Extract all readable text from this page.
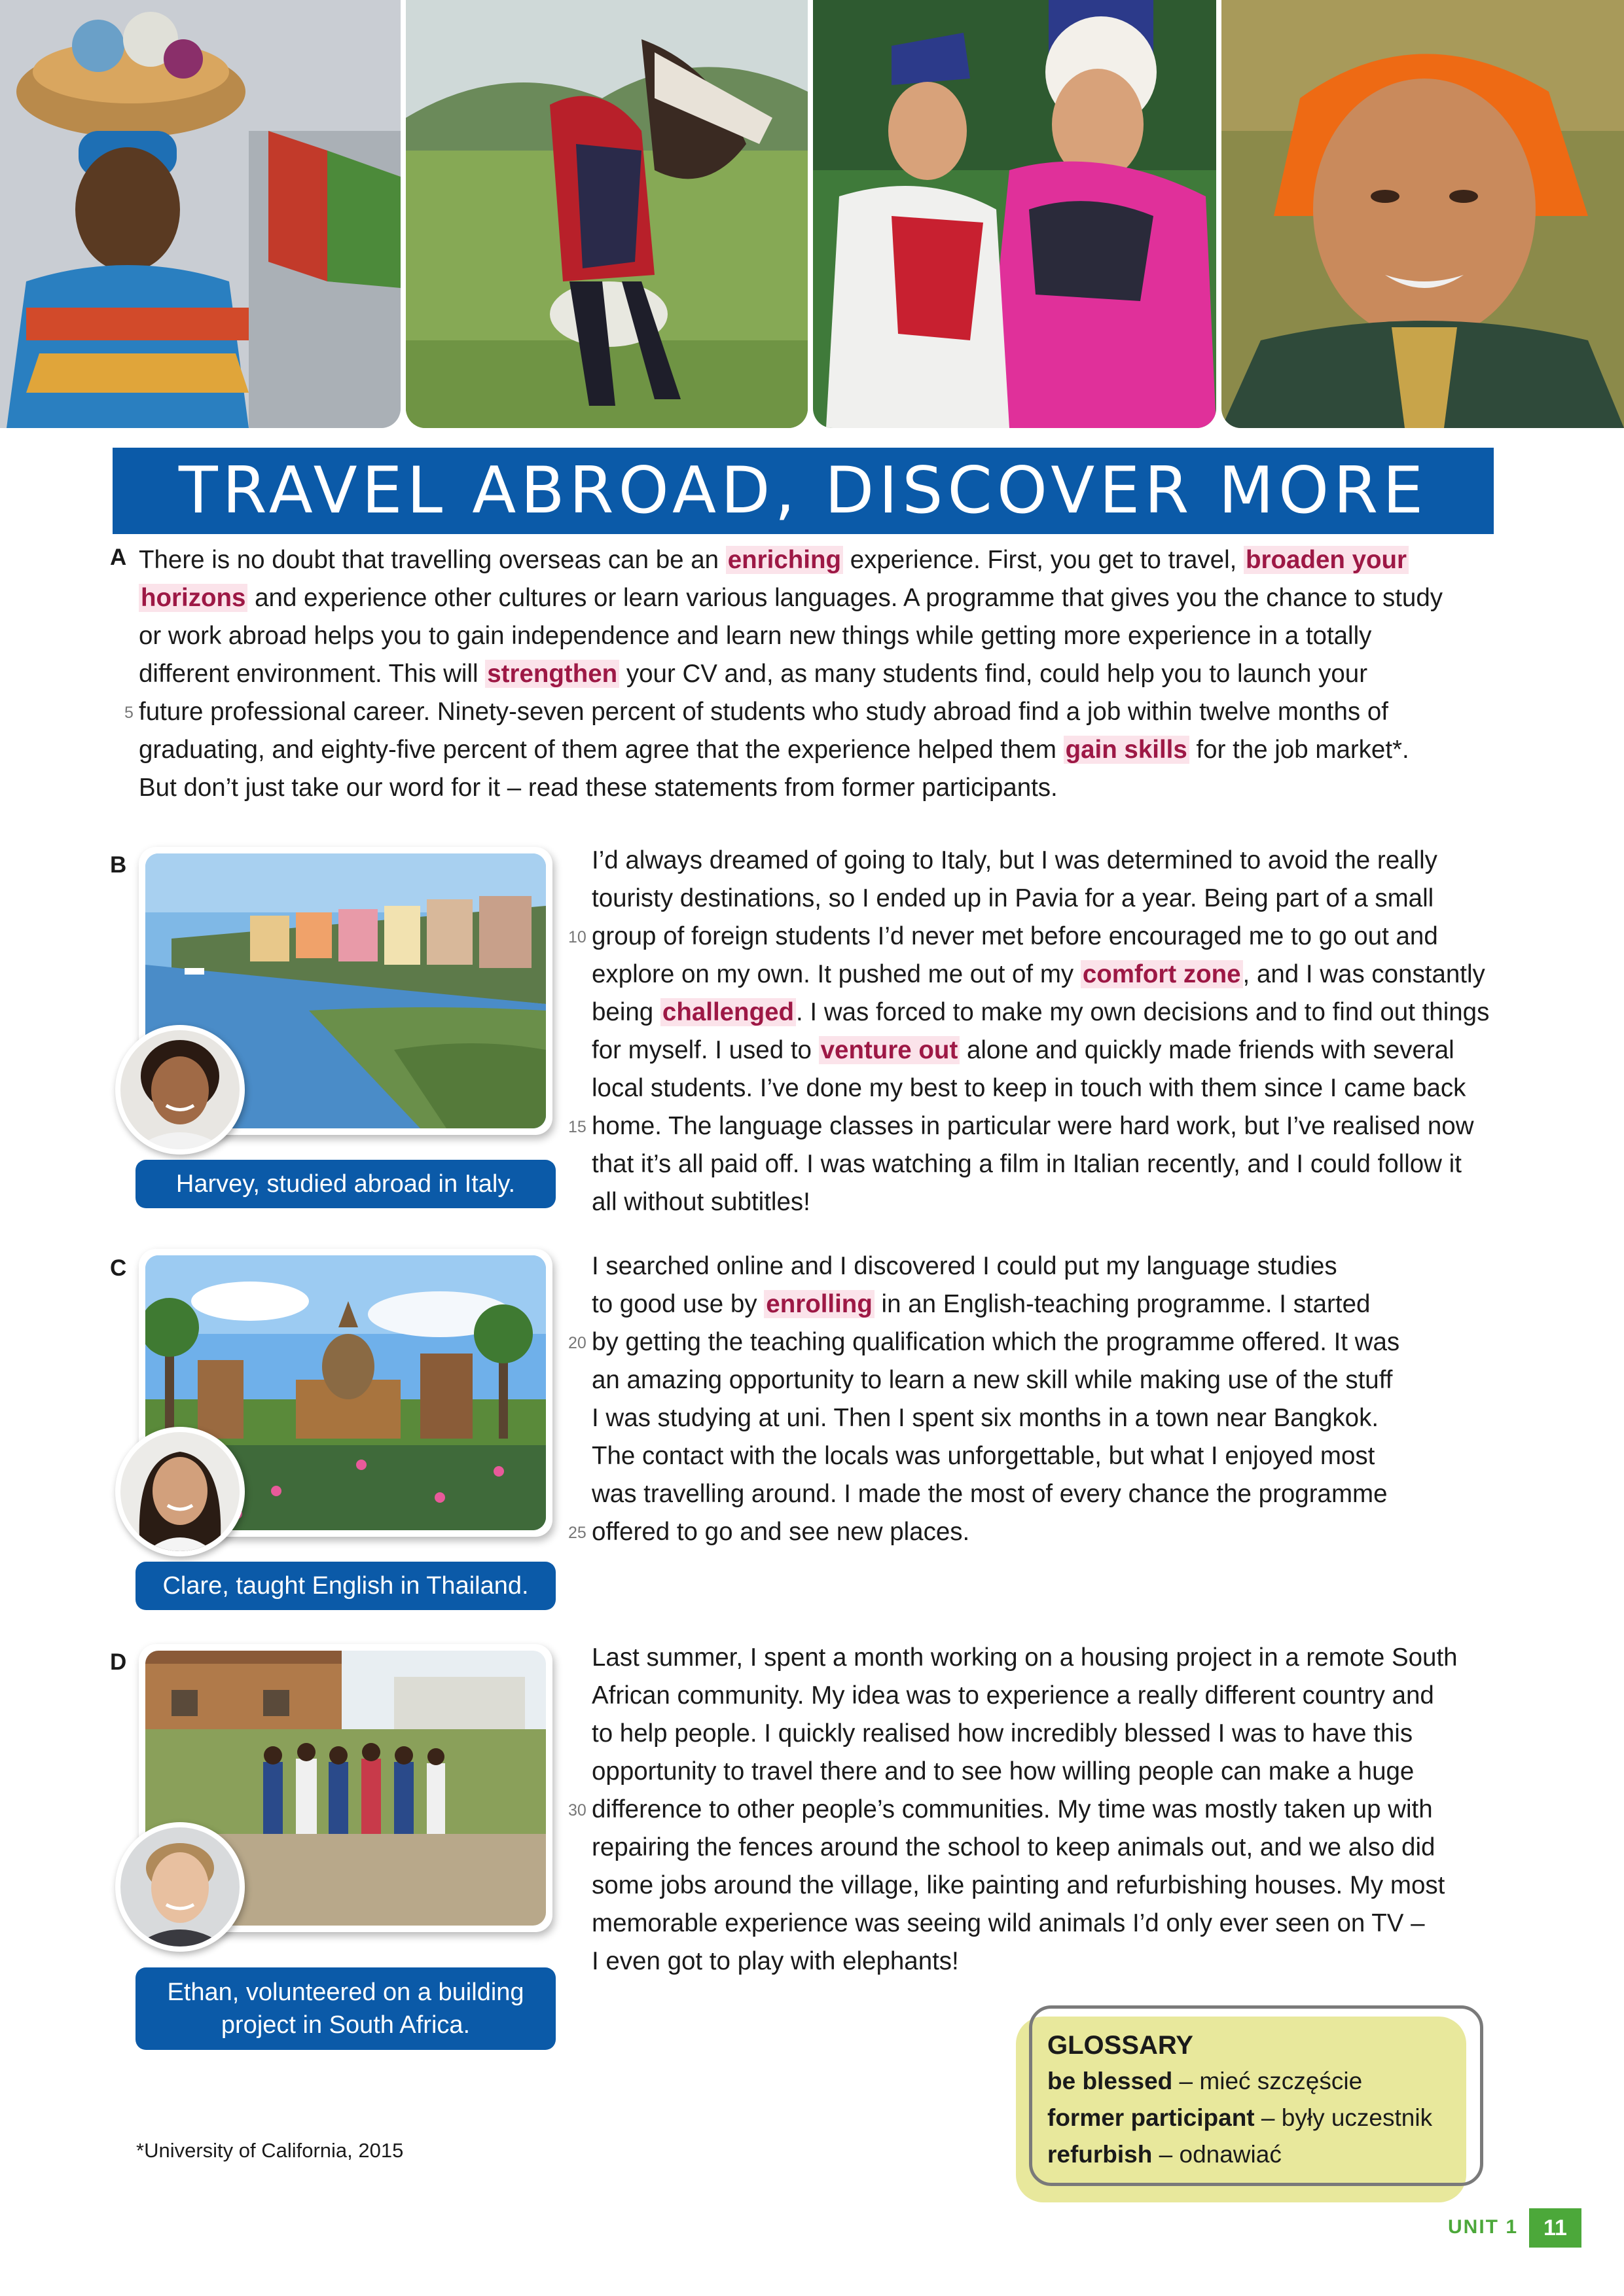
TRAVEL ABROAD, DISCOVER MORE
A
5
There is no doubt that travelling overseas can be an enriching experience. First, you get to travel, broaden your
horizons and experience other cultures or learn various languages. A programme that gives you the chance to study
or work abroad helps you to gain independence and learn new things while getting more experience in a totally
different environment. This will strengthen your CV and, as many students find, could help you to launch your
future professional career. Ninety-seven percent of students who study abroad find a job within twelve months of
graduating, and eighty-five percent of them agree that the experience helped them gain skills for the job market*.
But don’t just take our word for it – read these statements from former participants.
B
Harvey, studied abroad in Italy.
I’d always dreamed of going to Italy, but I was determined to avoid the really
touristy destinations, so I ended up in Pavia for a year. Being part of a small
group of foreign students I’d never met before encouraged me to go out and
explore on my own. It pushed me out of my comfort zone, and I was constantly
being challenged. I was forced to make my own decisions and to find out things
for myself. I used to venture out alone and quickly made friends with several
local students. I’ve done my best to keep in touch with them since I came back
home. The language classes in particular were hard work, but I’ve realised now
that it’s all paid off. I was watching a film in Italian recently, and I could follow it
all without subtitles!
10
15
C
Clare, taught English in Thailand.
I searched online and I discovered I could put my language studies
to good use by enrolling in an English-teaching programme. I started
by getting the teaching qualification which the programme offered. It was
an amazing opportunity to learn a new skill while making use of the stuff
I was studying at uni. Then I spent six months in a town near Bangkok.
The contact with the locals was unforgettable, but what I enjoyed most
was travelling around. I made the most of every chance the programme
offered to go and see new places.
20
25
D
Ethan, volunteered on a building project in South Africa.
Last summer, I spent a month working on a housing project in a remote South
African community. My idea was to experience a really different country and
to help people. I quickly realised how incredibly blessed I was to have this
opportunity to travel there and to see how willing people can make a huge
difference to other people’s communities. My time was mostly taken up with
repairing the fences around the school to keep animals out, and we also did
some jobs around the village, like painting and refurbishing houses. My most
memorable experience was seeing wild animals I’d only ever seen on TV –
I even got to play with elephants!
30
GLOSSARY
be blessed – mieć szczęście
former participant – były uczestnik
refurbish – odnawiać
*University of California, 2015
UNIT 1	11
